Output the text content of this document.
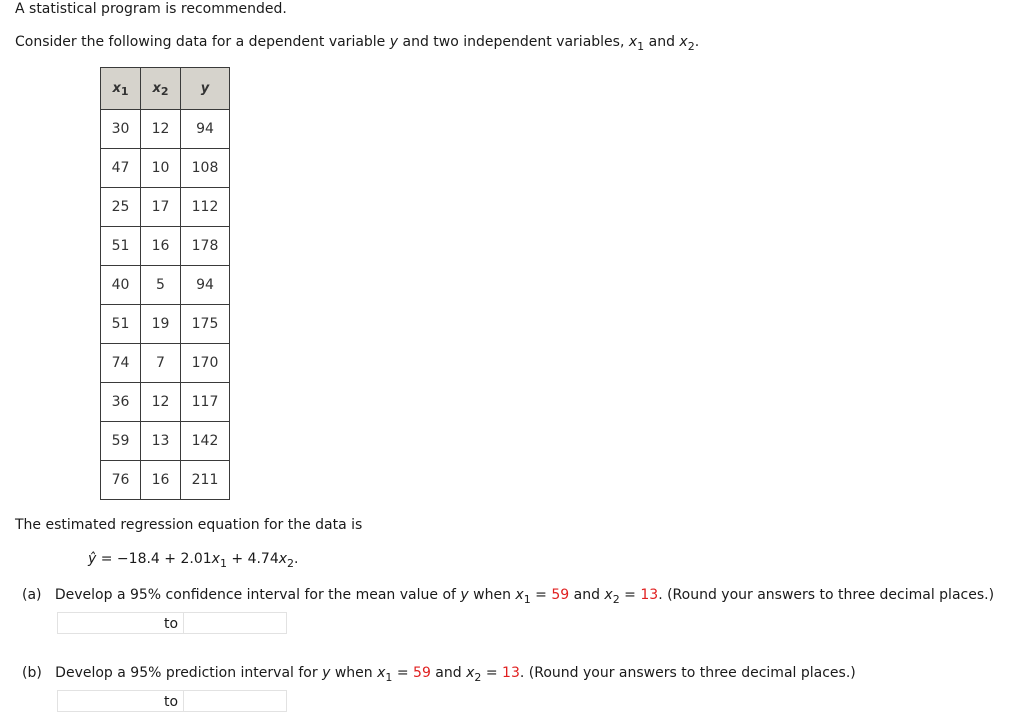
A statistical program is recommended.
Consider the following data for a dependent variable y and two independent variables, $x_1$ and $x_2$.
$x_1$	$x_2$	y
30	12	94
47	10	108
25	17	112
51	16	178
40	5	94
51	19	175
74	7	170
36	12	117
59	13	142
76	16	211
The estimated regression equation for the data is
ŷ = $-18.4 + 2.01x_1 + 4.74x_2$.
(a) Develop a 95% confidence interval for the mean value of y when $x_1 = 59$ and $x_2 = 13$. (Round your answers to three decimal places.)
to
(b) Develop a 95% prediction interval for y when $x_1 = 59$ and $x_2 = 13$. (Round your answers to three decimal places.)
to
